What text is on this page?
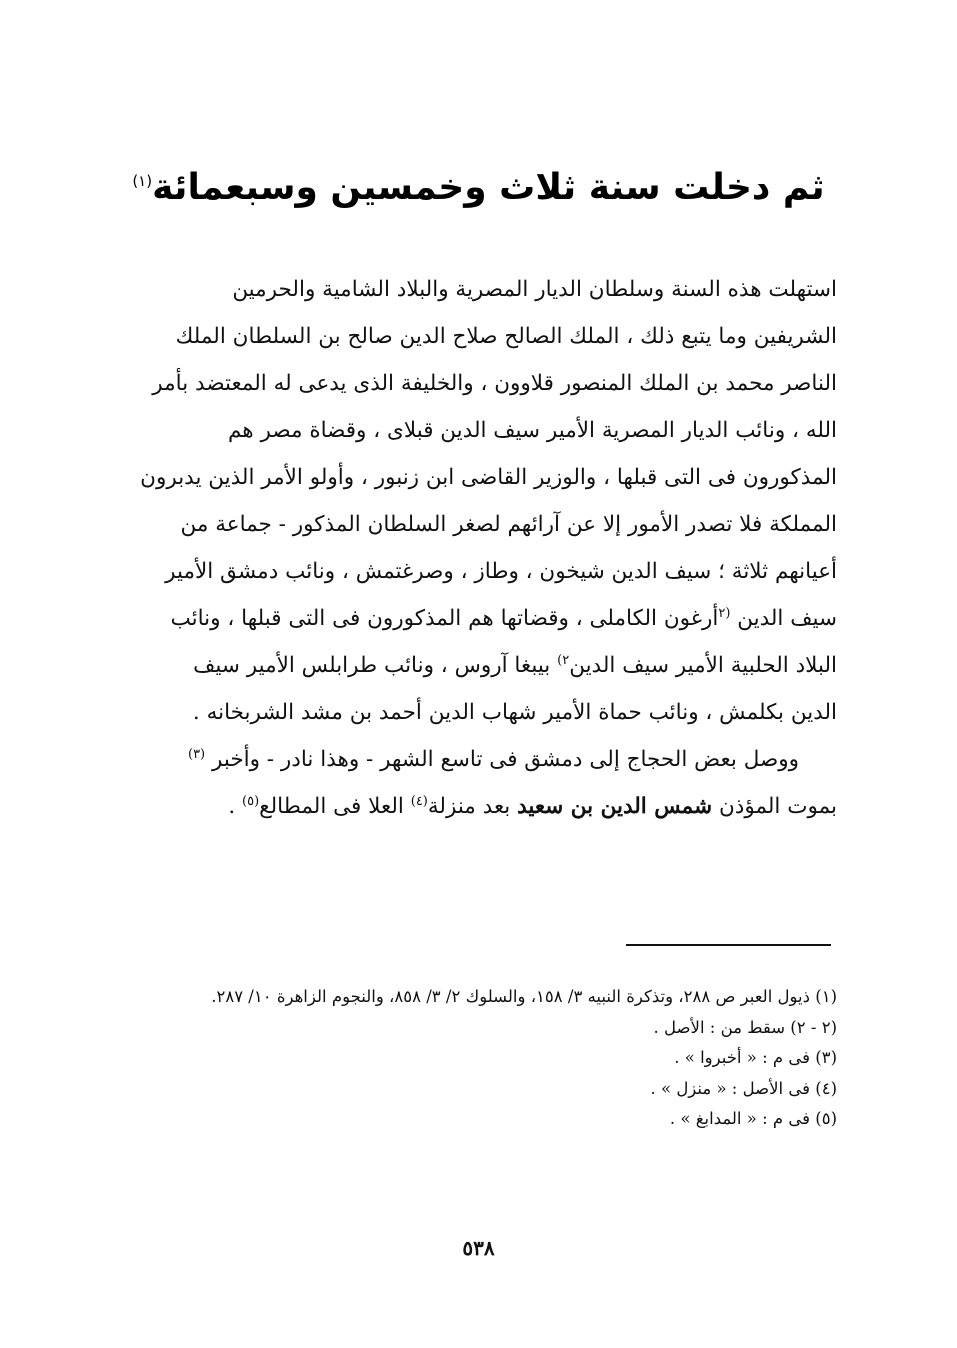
ثم دخلت سنة ثلاث وخمسين وسبعمائة$^{(١)}$

استهلت هذه السنة وسلطان الديار المصرية والبلاد الشامية والحرمين
الشريفين وما يتبع ذلك ، الملك الصالح صلاح الدين صالح بن السلطان الملك
الناصر محمد بن الملك المنصور قلاوون ، والخليفة الذى يدعى له المعتضد بأمر
الله ، ونائب الديار المصرية الأمير سيف الدين قبلاى ، وقضاة مصر هم
المذكورون فى التى قبلها ، والوزير القاضى ابن زنبور ، وأولو الأمر الذين يدبرون
المملكة فلا تصدر الأمور إلا عن آرائهم لصغر السلطان المذكور - جماعة من
أعيانهم ثلاثة ؛ سيف الدين شيخون ، وطاز ، وصرغتمش ، ونائب دمشق الأمير
سيف الدين $^{(٢}$أرغون الكاملى ، وقضاتها هم المذكورون فى التى قبلها ، ونائب
البلاد الحلبية الأمير سيف الدين$^{٢)}$ بيبغا آروس ، ونائب طرابلس الأمير سيف
الدين بكلمش ، ونائب حماة الأمير شهاب الدين أحمد بن مشد الشربخانه .

ووصل بعض الحجاج إلى دمشق فى تاسع الشهر - وهذا نادر - وأخبر $^{(٣)}$

بموت المؤذن شمس الدين بن سعيد بعد منزلة$^{(٤)}$ العلا فى المطالع$^{(٥)}$ .
(١) ذيول العبر ص ٢٨٨، وتذكرة النبيه ٣/ ١٥٨، والسلوك ٢/ ٣/ ٨٥٨، والنجوم الزاهرة ١٠/ ٢٨٧.
(٢ - ٢) سقط من : الأصل .
(٣) فى م : « أخبروا » .
(٤) فى الأصل : « منزل » .
(٥) فى م : « المدابغ » .
٥٣٨
